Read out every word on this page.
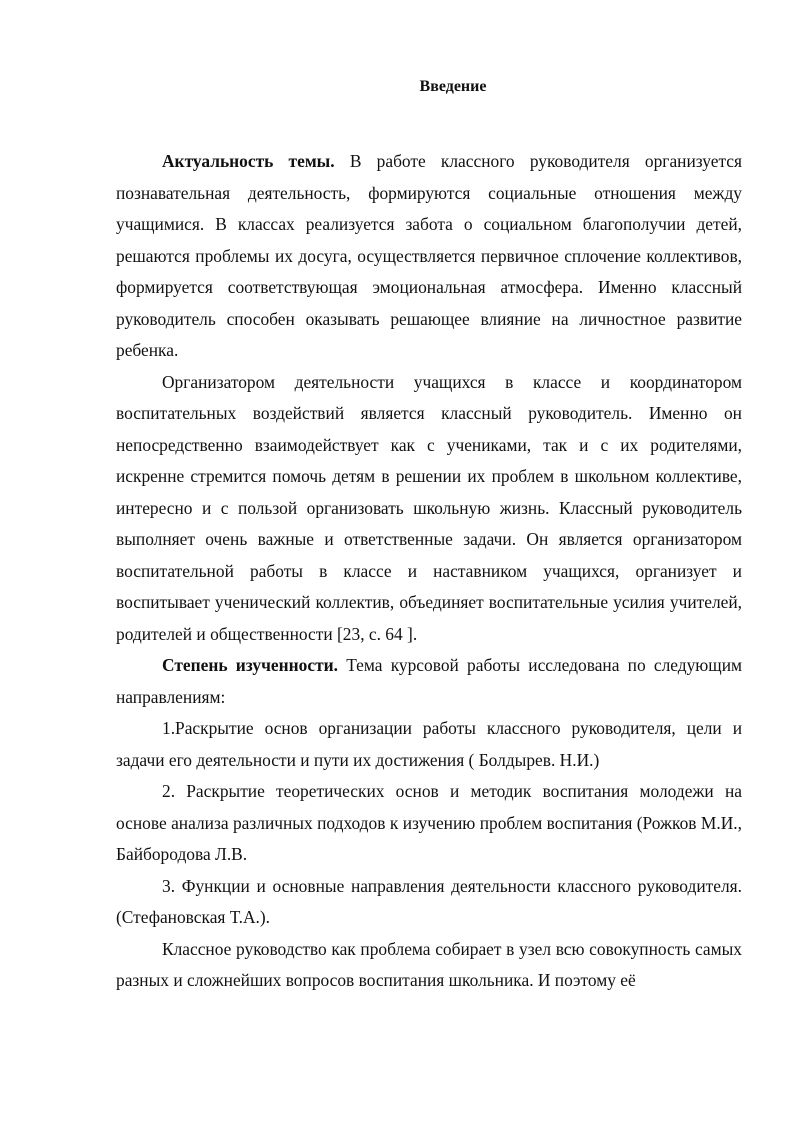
Введение

Актуальность темы. В работе классного руководителя организуется познавательная деятельность, формируются социальные отношения между учащимися. В классах реализуется забота о социальном благополучии детей, решаются проблемы их досуга, осуществляется первичное сплочение коллективов, формируется соответствующая эмоциональная атмосфера. Именно классный руководитель способен оказывать решающее влияние на личностное развитие ребенка.

Организатором деятельности учащихся в классе и координатором воспитательных воздействий является классный руководитель. Именно он непосредственно взаимодействует как с учениками, так и с их родителями, искренне стремится помочь детям в решении их проблем в школьном коллективе, интересно и с пользой организовать школьную жизнь. Классный руководитель выполняет очень важные и ответственные задачи. Он является организатором воспитательной работы в классе и наставником учащихся, организует и воспитывает ученический коллектив, объединяет воспитательные усилия учителей, родителей и общественности [23, с. 64 ].

Степень изученности. Тема курсовой работы исследована по следующим направлениям:

1.Раскрытие основ организации работы классного руководителя, цели и задачи его деятельности и пути их достижения ( Болдырев. Н.И.)

2. Раскрытие теоретических основ и методик воспитания молодежи на основе анализа различных подходов к изучению проблем воспитания (Рожков М.И., Байбородова Л.В.

3. Функции и основные направления деятельности классного руководителя.(Стефановская Т.А.).

Классное руководство как проблема собирает в узел всю совокупность самых разных и сложнейших вопросов воспитания школьника. И поэтому её
